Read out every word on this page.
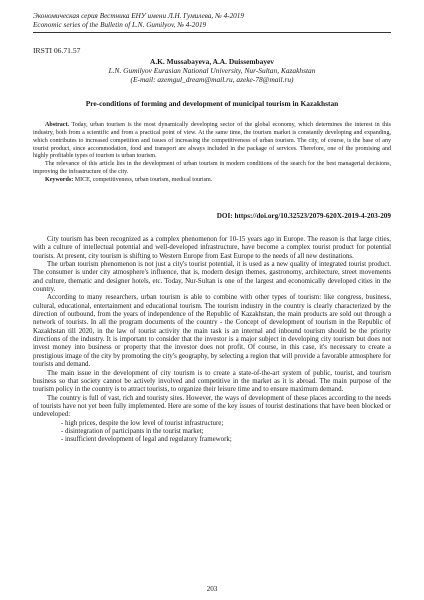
Экономическая серия Вестника ЕНУ имени Л.Н. Гумилева, № 4-2019
Economic series of the Bulletin of L.N. Gumilyov, № 4-2019
IRSTI 06.71.57
A.K. Mussabayeva, A.A. Duissembayev
L.N. Gumilyov Eurasian National University, Nur-Sultan, Kazakhstan
(E-mail: azemgul_dream@mail.ru, azeke-78@mail.ru)
Pre-conditions of forming and development of municipal tourism in Kazakhstan

Abstract. Today, urban tourism is the most dynamically developing sector of the global economy, which determines the interest in this industry, both from a scientific and from a practical point of view. At the same time, the tourism market is constantly developing and expanding, which contributes to increased competition and issues of increasing the competitiveness of urban tourism. The city, of course, is the base of any tourist product, since accommodation, food and transport are always included in the package of services. Therefore, one of the promising and highly profitable types of tourism is urban tourism.

The relevance of this article lies in the development of urban tourism in modern conditions of the search for the best managerial decisions, improving the infrastructure of the city.

Keywords: MICE, competitiveness, urban tourism, medical tourism.

DOI: https://doi.org/10.32523/2079-620X-2019-4-203-209

City tourism has been recognized as a complex phenomenon for 10-15 years ago in Europe. The reason is that large cities, with a culture of intellectual potential and well-developed infrastructure, have become a complex tourist product for potential tourists. At present, city tourism is shifting to Western Europe from East Europe to the needs of all new destinations.

The urban tourism phenomenon is not just a city's tourist potential, it is used as a new quality of integrated tourist product. The consumer is under city atmosphere's influence, that is, modern design themes, gastronomy, architecture, street movements and culture, thematic and designer hotels, etc. Today, Nur-Sultan is one of the largest and economically developed cities in the country.

According to many researchers, urban tourism is able to combine with other types of tourism: like congress, business, cultural, educational, entertainment and educational tourism. The tourism industry in the country is clearly characterized by the direction of outbound, from the years of independence of the Republic of Kazakhstan, the main products are sold out through a network of tourists. In all the program documents of the country - the Concept of development of tourism in the Republic of Kazakhstan till 2020, in the law of tourist activity the main task is an internal and inbound tourism should be the priority directions of the industry. It is important to consider that the investor is a major subject in developing city tourism but does not invest money into business or property that the investor does not profit. Of course, in this case, it's necessary to create a prestigious image of the city by promoting the city's geography, by selecting a region that will provide a favorable atmosphere for tourists and demand.

The main issue in the development of city tourism is to create a state-of-the-art system of public, tourist, and tourism business so that society cannot be actively involved and competitive in the market as it is abroad. The main purpose of the tourism policy in the country is to attract tourists, to organize their leisure time and to ensure maximum demand.

The country is full of vast, rich and touristy sites. However, the ways of development of these places according to the needs of tourists have not yet been fully implemented. Here are some of the key issues of tourist destinations that have been blocked or undeveloped:

- high prices, despite the low level of tourist infrastructure;
- disintegration of participants in the tourist market;
- insufficient development of legal and regulatory framework;
203
